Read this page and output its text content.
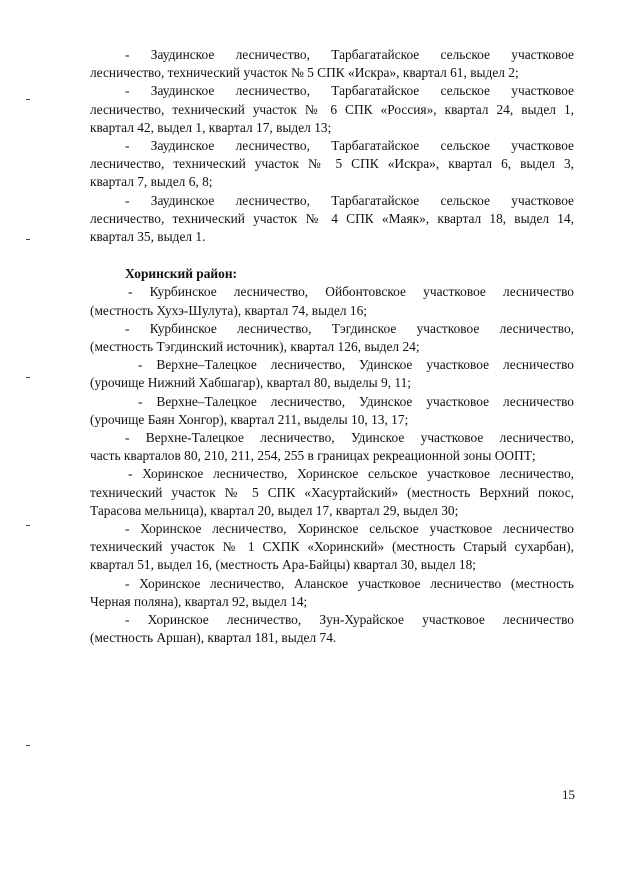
- Заудинское лесничество, Тарбагатайское сельское участковое
лесничество, технический участок № 5 СПК «Искра», квартал 61, выдел 2;

- Заудинское лесничество, Тарбагатайское сельское участковое
лесничество, технический участок № 6 СПК «Россия», квартал 24, выдел 1,
квартал 42, выдел 1, квартал 17, выдел 13;

- Заудинское лесничество, Тарбагатайское сельское участковое
лесничество, технический участок № 5 СПК «Искра», квартал 6, выдел 3,
квартал 7, выдел 6, 8;

- Заудинское лесничество, Тарбагатайское сельское участковое
лесничество, технический участок № 4 СПК «Маяк», квартал 18, выдел 14,
квартал 35, выдел 1.

Хоринский район:

- Курбинское лесничество, Ойбонтовское участковое лесничество
(местность Хухэ-Шулута), квартал 74, выдел 16;

- Курбинское лесничество, Тэгдинское участковое лесничество,
(местность Тэгдинский источник), квартал 126, выдел 24;

- Верхне–Талецкое лесничество, Удинское участковое лесничество
(урочище Нижний Хабшагар), квартал 80, выделы 9, 11;

- Верхне–Талецкое лесничество, Удинское участковое лесничество
(урочище Баян Хонгор), квартал 211, выделы 10, 13, 17;

- Верхне-Талецкое лесничество, Удинское участковое лесничество,
часть кварталов 80, 210, 211, 254, 255 в границах рекреационной зоны ООПТ;

- Хоринское лесничество, Хоринское сельское участковое лесничество,
технический участок № 5 СПК «Хасуртайский» (местность Верхний покос,
Тарасова мельница), квартал 20, выдел 17, квартал 29, выдел 30;

- Хоринское лесничество, Хоринское сельское участковое лесничество
технический участок № 1 СХПК «Хоринский» (местность Старый сухарбан),
квартал 51, выдел 16, (местность Ара-Байцы) квартал 30, выдел 18;

- Хоринское лесничество, Аланское участковое лесничество (местность
Черная поляна), квартал 92, выдел 14;

- Хоринское лесничество, Зун-Хурайское участковое лесничество
(местность Аршан), квартал 181, выдел 74.

15
